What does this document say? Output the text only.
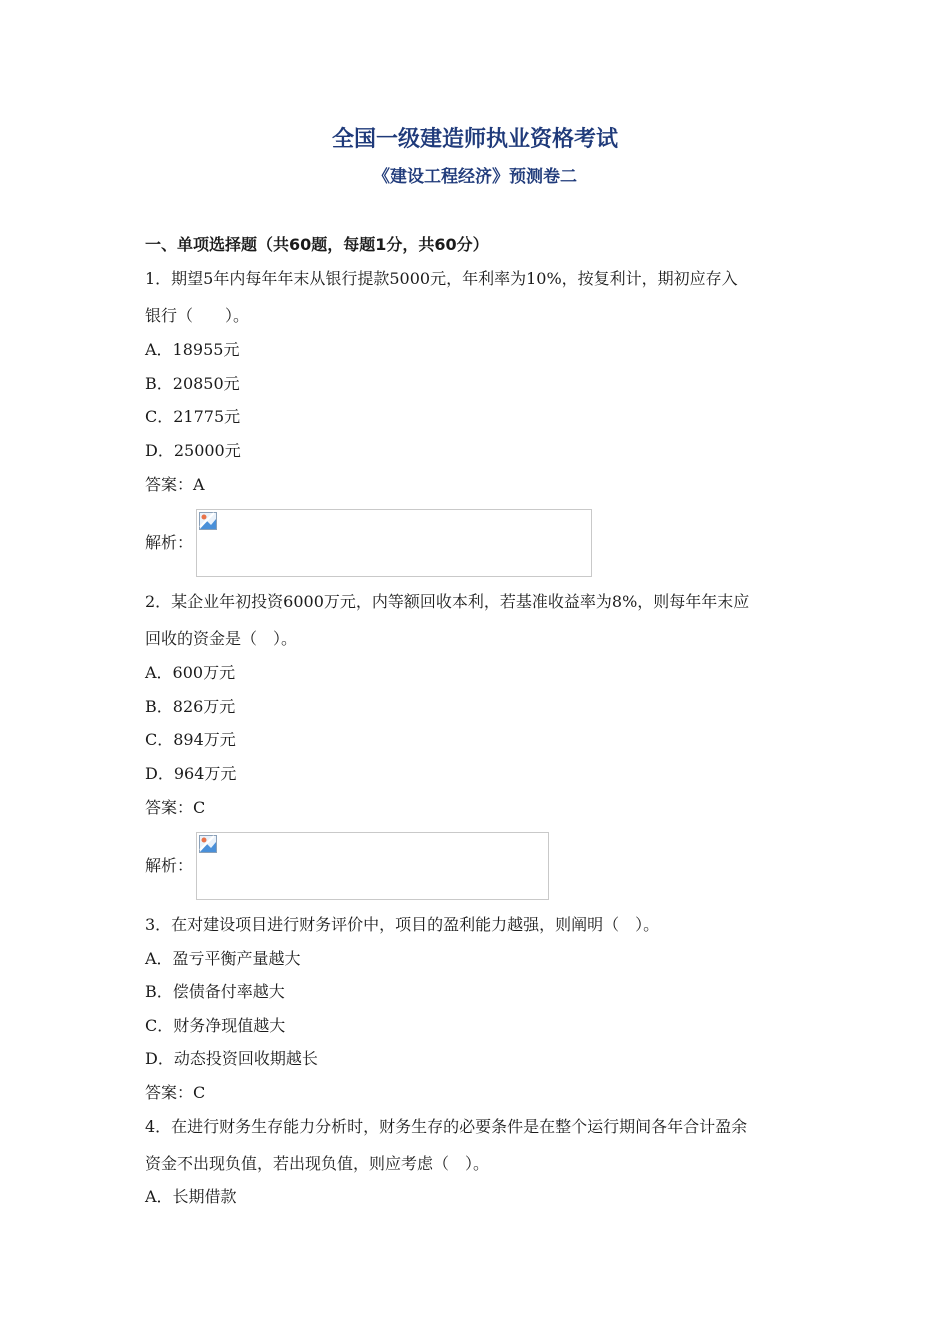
全国一级建造师执业资格考试
《建设工程经济》预测卷二
一、单项选择题（共60题，每题1分，共60分）
1．期望5年内每年年末从银行提款5000元，年利率为10%，按复利计，期初应存入
银行（　　）。
A．18955元
B．20850元
C．21775元
D．25000元
答案：A
解析：
2．某企业年初投资6000万元，内等额回收本利，若基准收益率为8%，则每年年末应
回收的资金是（　）。
A．600万元
B．826万元
C．894万元
D．964万元
答案：C
解析：
3．在对建设项目进行财务评价中，项目的盈利能力越强，则阐明（　）。
A．盈亏平衡产量越大
B．偿债备付率越大
C．财务净现值越大
D．动态投资回收期越长
答案：C
4．在进行财务生存能力分析时，财务生存的必要条件是在整个运行期间各年合计盈余
资金不出现负值，若出现负值，则应考虑（　）。
A．长期借款
